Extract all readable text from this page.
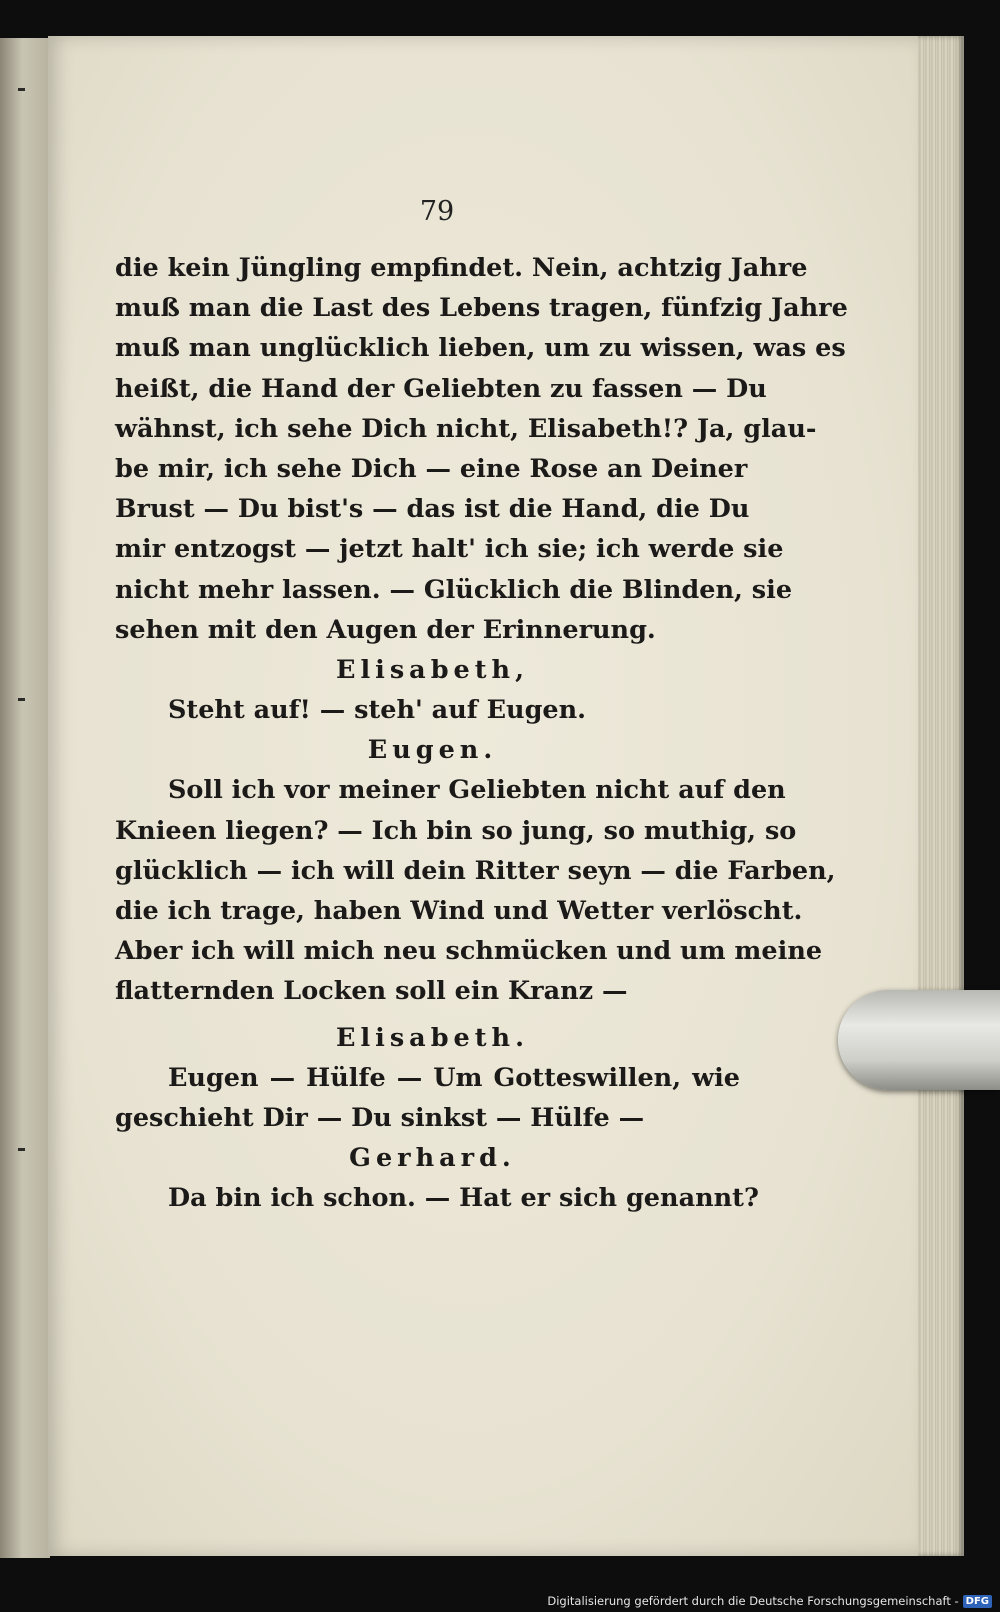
79
die kein Jüngling empfindet. Nein, achtzig Jahre
muß man die Last des Lebens tragen, fünfzig Jahre
muß man unglücklich lieben, um zu wissen, was es
heißt, die Hand der Geliebten zu fassen — Du
wähnst, ich sehe Dich nicht, Elisabeth!? Ja, glau-
be mir, ich sehe Dich — eine Rose an Deiner
Brust — Du bist's — das ist die Hand, die Du
mir entzogst — jetzt halt' ich sie; ich werde sie
nicht mehr lassen. — Glücklich die Blinden, sie
sehen mit den Augen der Erinnerung.
Elisabeth,
Steht auf! — steh' auf Eugen.
Eugen.
Soll ich vor meiner Geliebten nicht auf den
Knieen liegen? — Ich bin so jung, so muthig, so
glücklich — ich will dein Ritter seyn — die Farben,
die ich trage, haben Wind und Wetter verlöscht.
Aber ich will mich neu schmücken und um meine
flatternden Locken soll ein Kranz —
Elisabeth.
Eugen — Hülfe — Um Gotteswillen, wie
geschieht Dir — Du sinkst — Hülfe —
Gerhard.
Da bin ich schon. — Hat er sich genannt?
Digitalisierung gefördert durch die Deutsche Forschungsgemeinschaft - DFG
